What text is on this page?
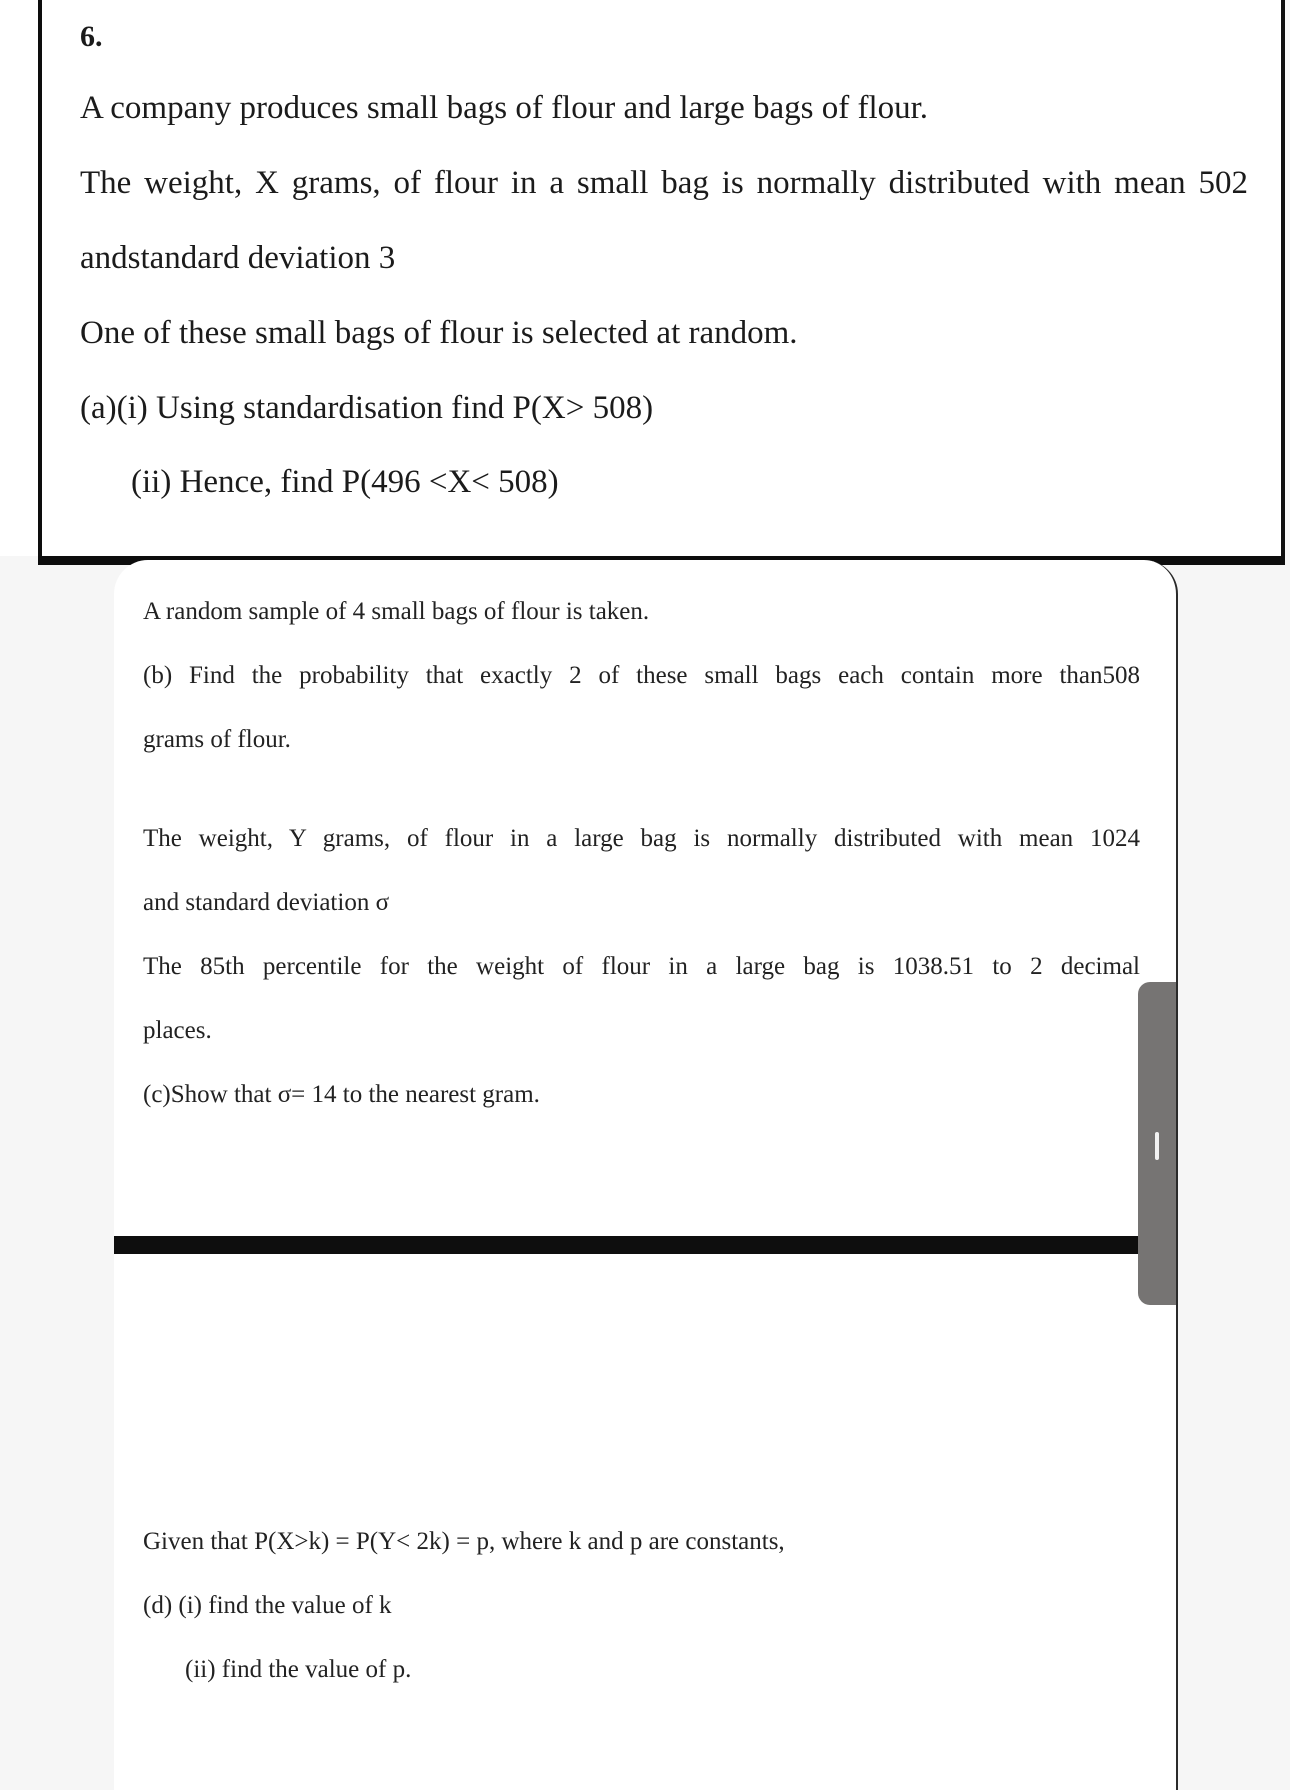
6.
A company produces small bags of flour and large bags of flour.
The weight, X grams, of flour in a small bag is normally distributed with mean 502
andstandard deviation 3
One of these small bags of flour is selected at random.
(a)(i) Using standardisation find P(X> 508)
(ii) Hence, find P(496 <X< 508)
A random sample of 4 small bags of flour is taken.
(b) Find the probability that exactly 2 of these small bags each contain more than508
grams of flour.
The weight, Y grams, of flour in a large bag is normally distributed with mean 1024
and standard deviation σ
The 85th percentile for the weight of flour in a large bag is 1038.51 to 2 decimal
places.
(c)Show that σ= 14 to the nearest gram.
Given that P(X>k) = P(Y< 2k) = p, where k and p are constants,
(d) (i) find the value of k
(ii) find the value of p.
